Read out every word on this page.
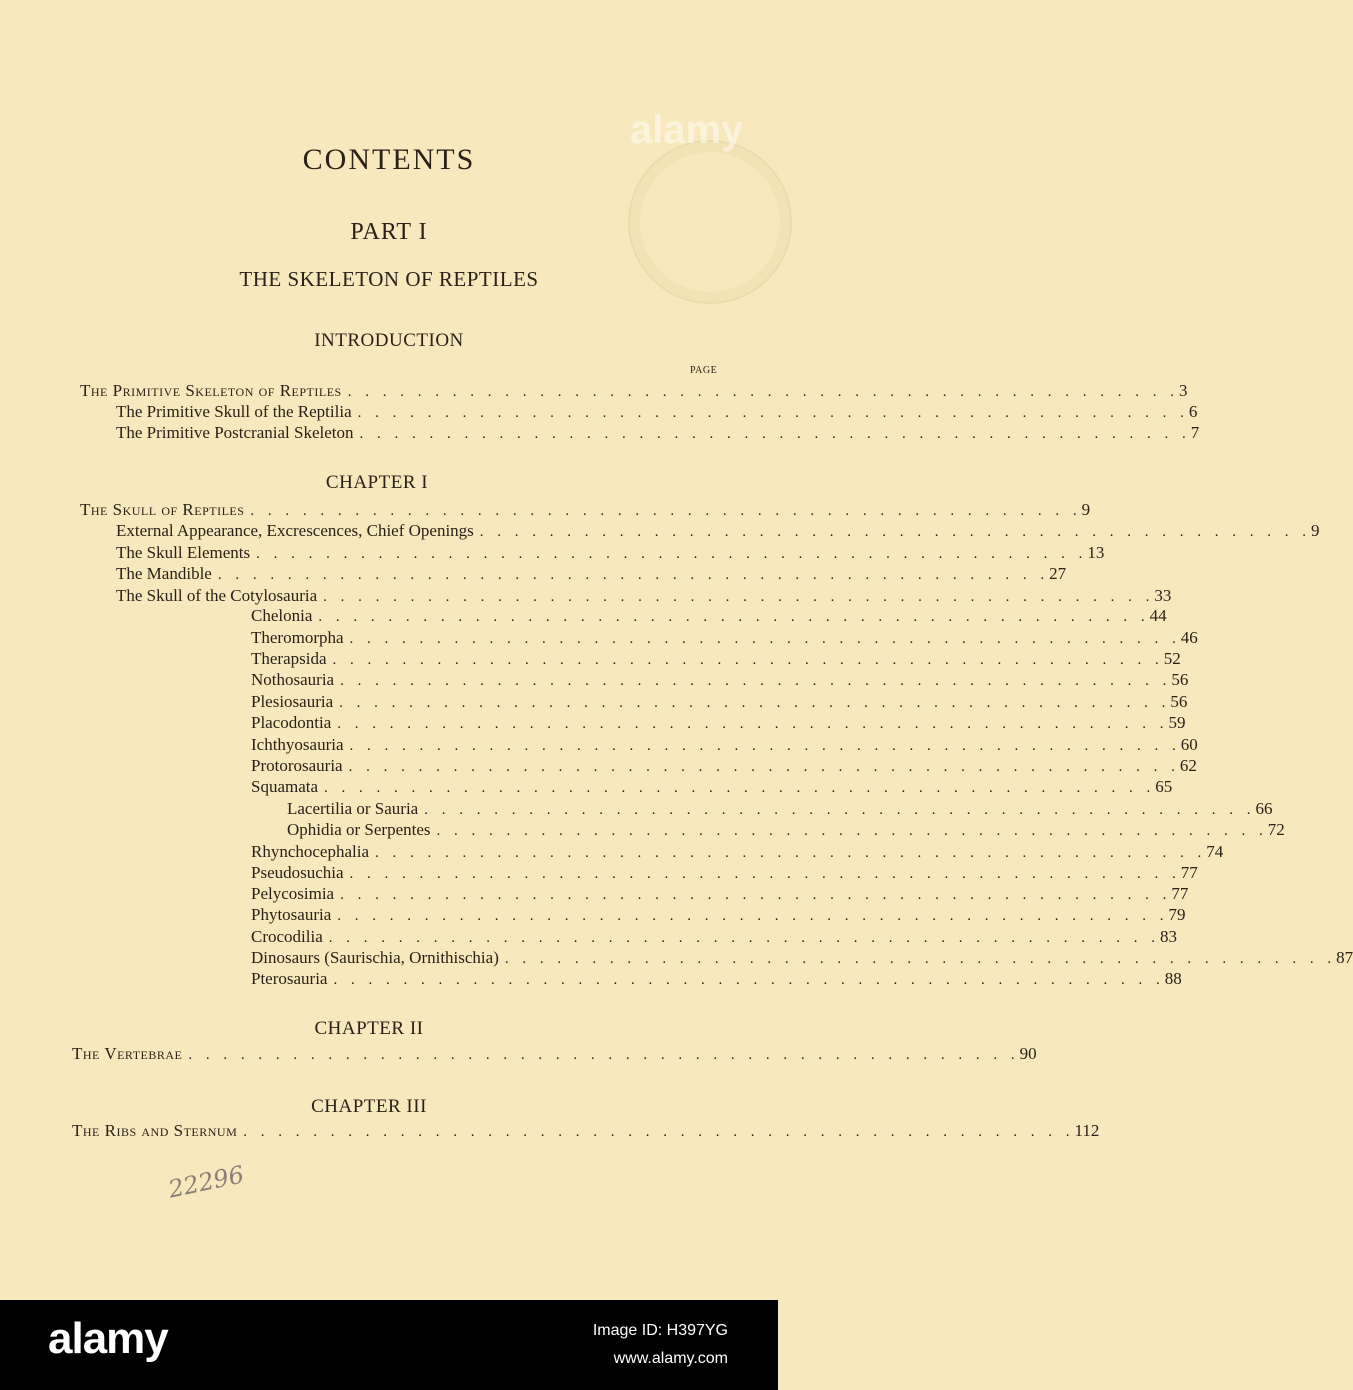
CONTENTS
PART I
THE SKELETON OF REPTILES
PAGE
INTRODUCTION
The Primitive Skeleton of Reptiles . . . . . . . . . . . . . . . . . . . . . . . . . . . . . . . . . . . . . . . . . . . . . . . . 3
The Primitive Skull of the Reptilia . . . . . . . . . . . . . . . . . . . . . . . . . . . . . . . . . . . . . . . . . . . . . . . . 6
The Primitive Postcranial Skeleton . . . . . . . . . . . . . . . . . . . . . . . . . . . . . . . . . . . . . . . . . . . . . . . . 7
CHAPTER I
The Skull of Reptiles . . . . . . . . . . . . . . . . . . . . . . . . . . . . . . . . . . . . . . . . . . . . . . . . 9
External Appearance, Excrescences, Chief Openings . . . . . . . . . . . . . . . . . . . . . . . . . . . . . . . . . . . . . . . . . . . . . . . . 9
The Skull Elements . . . . . . . . . . . . . . . . . . . . . . . . . . . . . . . . . . . . . . . . . . . . . . . . 13
The Mandible . . . . . . . . . . . . . . . . . . . . . . . . . . . . . . . . . . . . . . . . . . . . . . . . 27
The Skull of the Cotylosauria . . . . . . . . . . . . . . . . . . . . . . . . . . . . . . . . . . . . . . . . . . . . . . . . 33
Chelonia . . . . . . . . . . . . . . . . . . . . . . . . . . . . . . . . . . . . . . . . . . . . . . . . 44
Theromorpha . . . . . . . . . . . . . . . . . . . . . . . . . . . . . . . . . . . . . . . . . . . . . . . . 46
Therapsida . . . . . . . . . . . . . . . . . . . . . . . . . . . . . . . . . . . . . . . . . . . . . . . . 52
Nothosauria . . . . . . . . . . . . . . . . . . . . . . . . . . . . . . . . . . . . . . . . . . . . . . . . 56
Plesiosauria . . . . . . . . . . . . . . . . . . . . . . . . . . . . . . . . . . . . . . . . . . . . . . . . 56
Placodontia . . . . . . . . . . . . . . . . . . . . . . . . . . . . . . . . . . . . . . . . . . . . . . . . 59
Ichthyosauria . . . . . . . . . . . . . . . . . . . . . . . . . . . . . . . . . . . . . . . . . . . . . . . . 60
Protorosauria . . . . . . . . . . . . . . . . . . . . . . . . . . . . . . . . . . . . . . . . . . . . . . . . 62
Squamata . . . . . . . . . . . . . . . . . . . . . . . . . . . . . . . . . . . . . . . . . . . . . . . . 65
Lacertilia or Sauria . . . . . . . . . . . . . . . . . . . . . . . . . . . . . . . . . . . . . . . . . . . . . . . . 66
Ophidia or Serpentes . . . . . . . . . . . . . . . . . . . . . . . . . . . . . . . . . . . . . . . . . . . . . . . . 72
Rhynchocephalia . . . . . . . . . . . . . . . . . . . . . . . . . . . . . . . . . . . . . . . . . . . . . . . . 74
Pseudosuchia . . . . . . . . . . . . . . . . . . . . . . . . . . . . . . . . . . . . . . . . . . . . . . . . 77
Pelycosimia . . . . . . . . . . . . . . . . . . . . . . . . . . . . . . . . . . . . . . . . . . . . . . . . 77
Phytosauria . . . . . . . . . . . . . . . . . . . . . . . . . . . . . . . . . . . . . . . . . . . . . . . . 79
Crocodilia . . . . . . . . . . . . . . . . . . . . . . . . . . . . . . . . . . . . . . . . . . . . . . . . 83
Dinosaurs (Saurischia, Ornithischia) . . . . . . . . . . . . . . . . . . . . . . . . . . . . . . . . . . . . . . . . . . . . . . . . 87
Pterosauria . . . . . . . . . . . . . . . . . . . . . . . . . . . . . . . . . . . . . . . . . . . . . . . . 88
CHAPTER II
The Vertebrae . . . . . . . . . . . . . . . . . . . . . . . . . . . . . . . . . . . . . . . . . . . . . . . . 90
CHAPTER III
The Ribs and Sternum . . . . . . . . . . . . . . . . . . . . . . . . . . . . . . . . . . . . . . . . . . . . . . . . 112
22296
alamy
alamy	Image ID: H397YG
www.alamy.com
